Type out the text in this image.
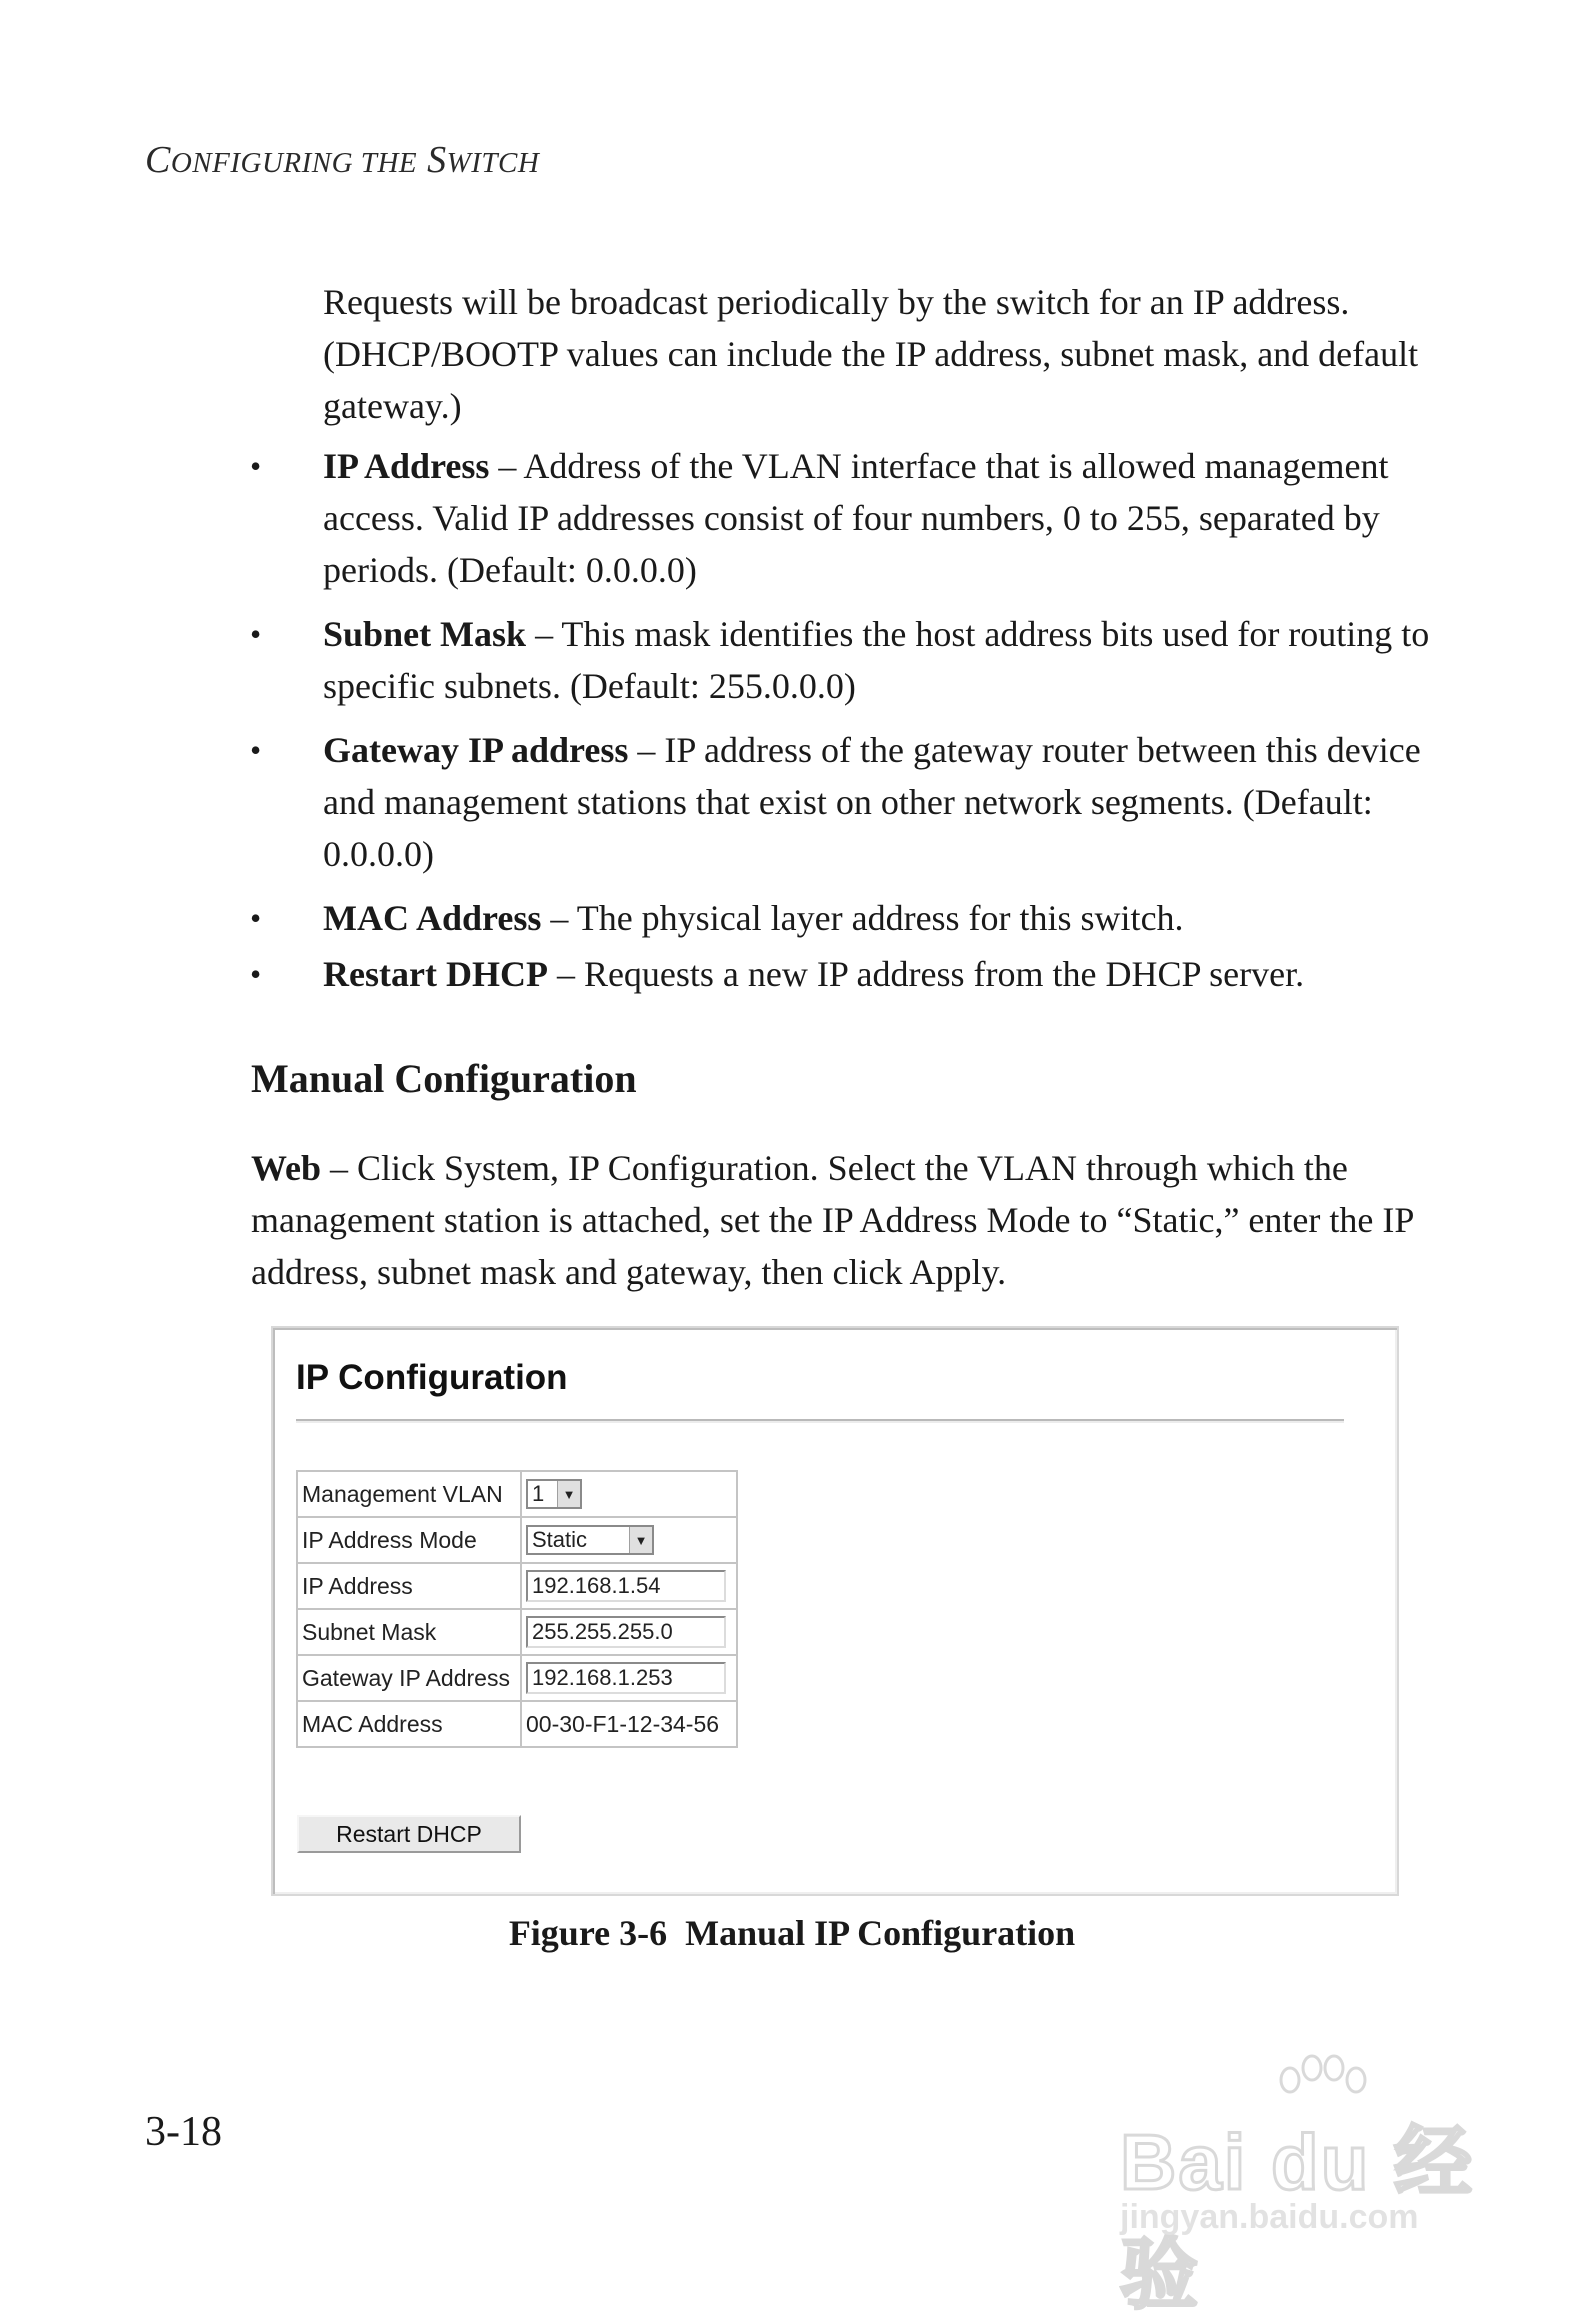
CONFIGURING THE SWITCH
Requests will be broadcast periodically by the switch for an IP address. (DHCP/BOOTP values can include the IP address, subnet mask, and default gateway.)
• IP Address – Address of the VLAN interface that is allowed management access. Valid IP addresses consist of four numbers, 0 to 255, separated by periods. (Default: 0.0.0.0)
• Subnet Mask – This mask identifies the host address bits used for routing to specific subnets. (Default: 255.0.0.0)
• Gateway IP address – IP address of the gateway router between this device and management stations that exist on other network segments. (Default: 0.0.0.0)
• MAC Address – The physical layer address for this switch.
• Restart DHCP – Requests a new IP address from the DHCP server.
Manual Configuration
Web – Click System, IP Configuration. Select the VLAN through which the management station is attached, set the IP Address Mode to “Static,” enter the IP address, subnet mask and gateway, then click Apply.
IP Configuration
Management VLAN	1 ▼

IP Address Mode	Static ▼

IP Address	192.168.1.54
Subnet Mask	255.255.255.0
Gateway IP Address	192.168.1.253
MAC Address	00-30-F1-12-34-56
Restart DHCP
Figure 3-6 Manual IP Configuration
3-18	Bai du 经验
jingyan.baidu.com
